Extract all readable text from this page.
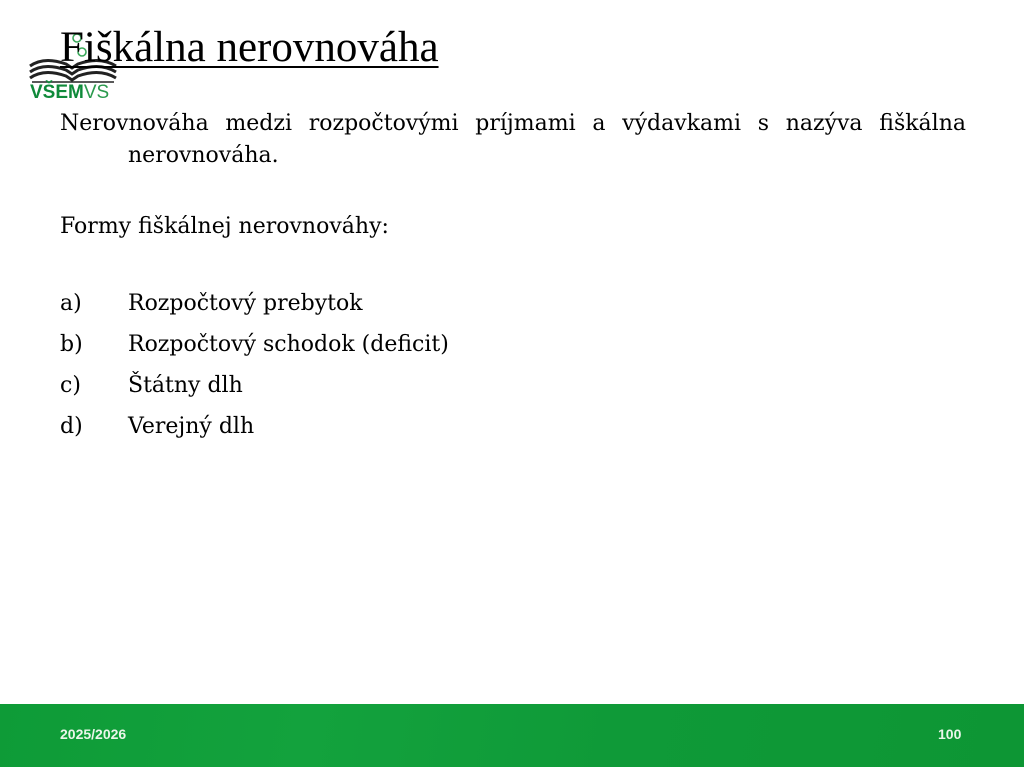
VŠEMVS
Fiškálna nerovnováha
Nerovnováha medzi rozpočtovými príjmami a výdavkami s nazýva fiškálna nerovnováha.
Formy fiškálnej nerovnováhy:
a)	Rozpočtový prebytok
b)	Rozpočtový schodok (deficit)
c)	Štátny dlh
d)	Verejný dlh
2025/2026	100
